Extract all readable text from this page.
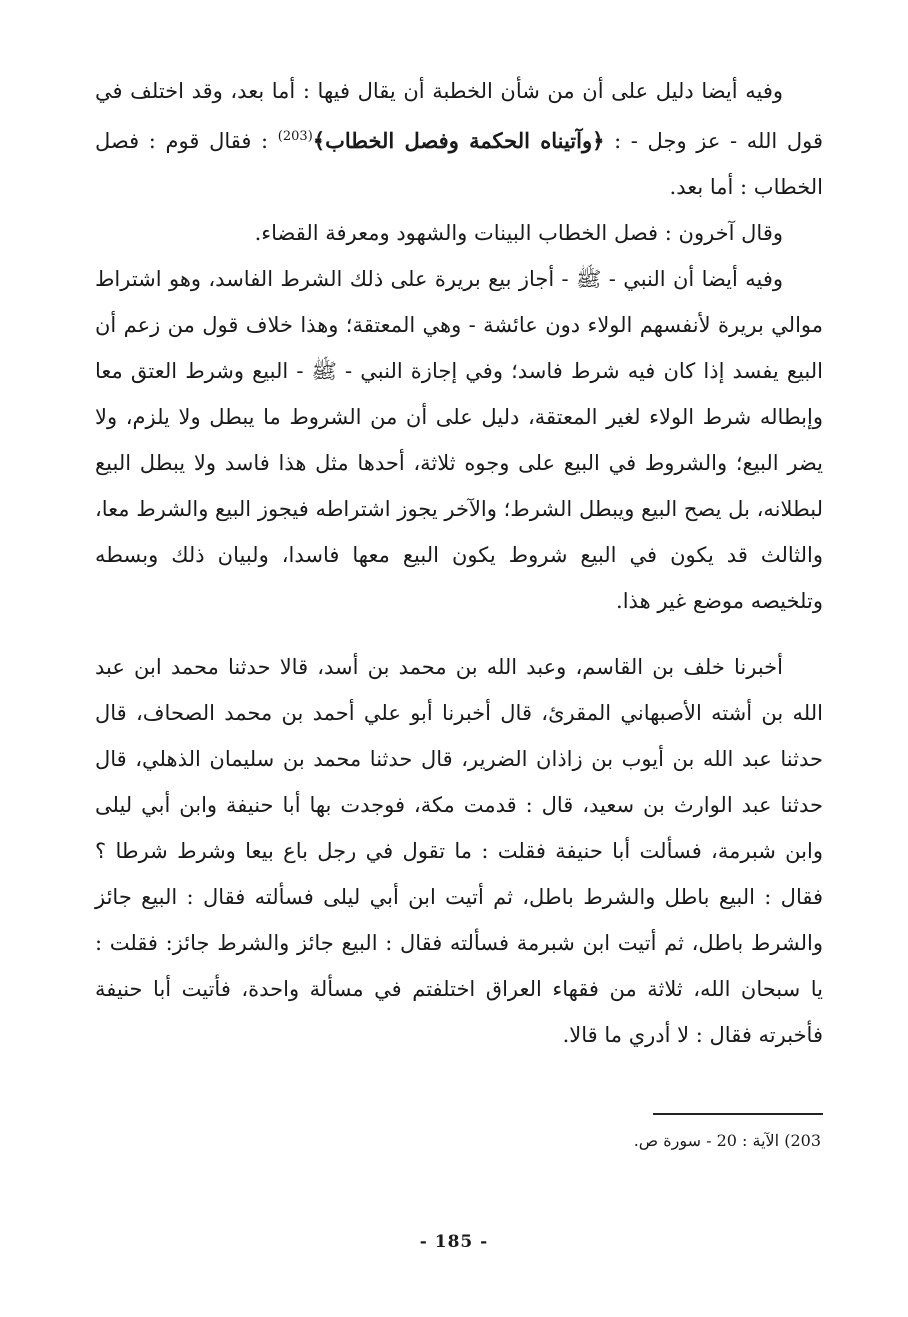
وفيه أيضا دليل على أن من شأن الخطبة أن يقال فيها : أما بعد، وقد اختلف في قول الله - عز وجل - : ﴿وآتيناه الحكمة وفصل الخطاب﴾$^{(203)}$ : فقال قوم : فصل الخطاب : أما بعد.

وقال آخرون : فصل الخطاب البينات والشهود ومعرفة القضاء.

وفيه أيضا أن النبي - ﷺ - أجاز بيع بريرة على ذلك الشرط الفاسد، وهو اشتراط موالي بريرة لأنفسهم الولاء دون عائشة - وهي المعتقة؛ وهذا خلاف قول من زعم أن البيع يفسد إذا كان فيه شرط فاسد؛ وفي إجازة النبي - ﷺ - البيع وشرط العتق معا وإبطاله شرط الولاء لغير المعتقة، دليل على أن من الشروط ما يبطل ولا يلزم، ولا يضر البيع؛ والشروط في البيع على وجوه ثلاثة، أحدها مثل هذا فاسد ولا يبطل البيع لبطلانه، بل يصح البيع ويبطل الشرط؛ والآخر يجوز اشتراطه فيجوز البيع والشرط معا، والثالث قد يكون في البيع شروط يكون البيع معها فاسدا، ولبيان ذلك وبسطه وتلخيصه موضع غير هذا.

أخبرنا خلف بن القاسم، وعبد الله بن محمد بن أسد، قالا حدثنا محمد ابن عبد الله بن أشته الأصبهاني المقرئ، قال أخبرنا أبو علي أحمد بن محمد الصحاف، قال حدثنا عبد الله بن أيوب بن زاذان الضرير، قال حدثنا محمد بن سليمان الذهلي، قال حدثنا عبد الوارث بن سعيد، قال : قدمت مكة، فوجدت بها أبا حنيفة وابن أبي ليلى وابن شبرمة، فسألت أبا حنيفة فقلت : ما تقول في رجل باع بيعا وشرط شرطا ؟ فقال : البيع باطل والشرط باطل، ثم أتيت ابن أبي ليلى فسألته فقال : البيع جائز والشرط باطل، ثم أتيت ابن شبرمة فسألته فقال : البيع جائز والشرط جائز: فقلت : يا سبحان الله، ثلاثة من فقهاء العراق اختلفتم في مسألة واحدة، فأتيت أبا حنيفة فأخبرته فقال : لا أدري ما قالا.

203) الآية : 20 - سورة ص.
- 185 -
